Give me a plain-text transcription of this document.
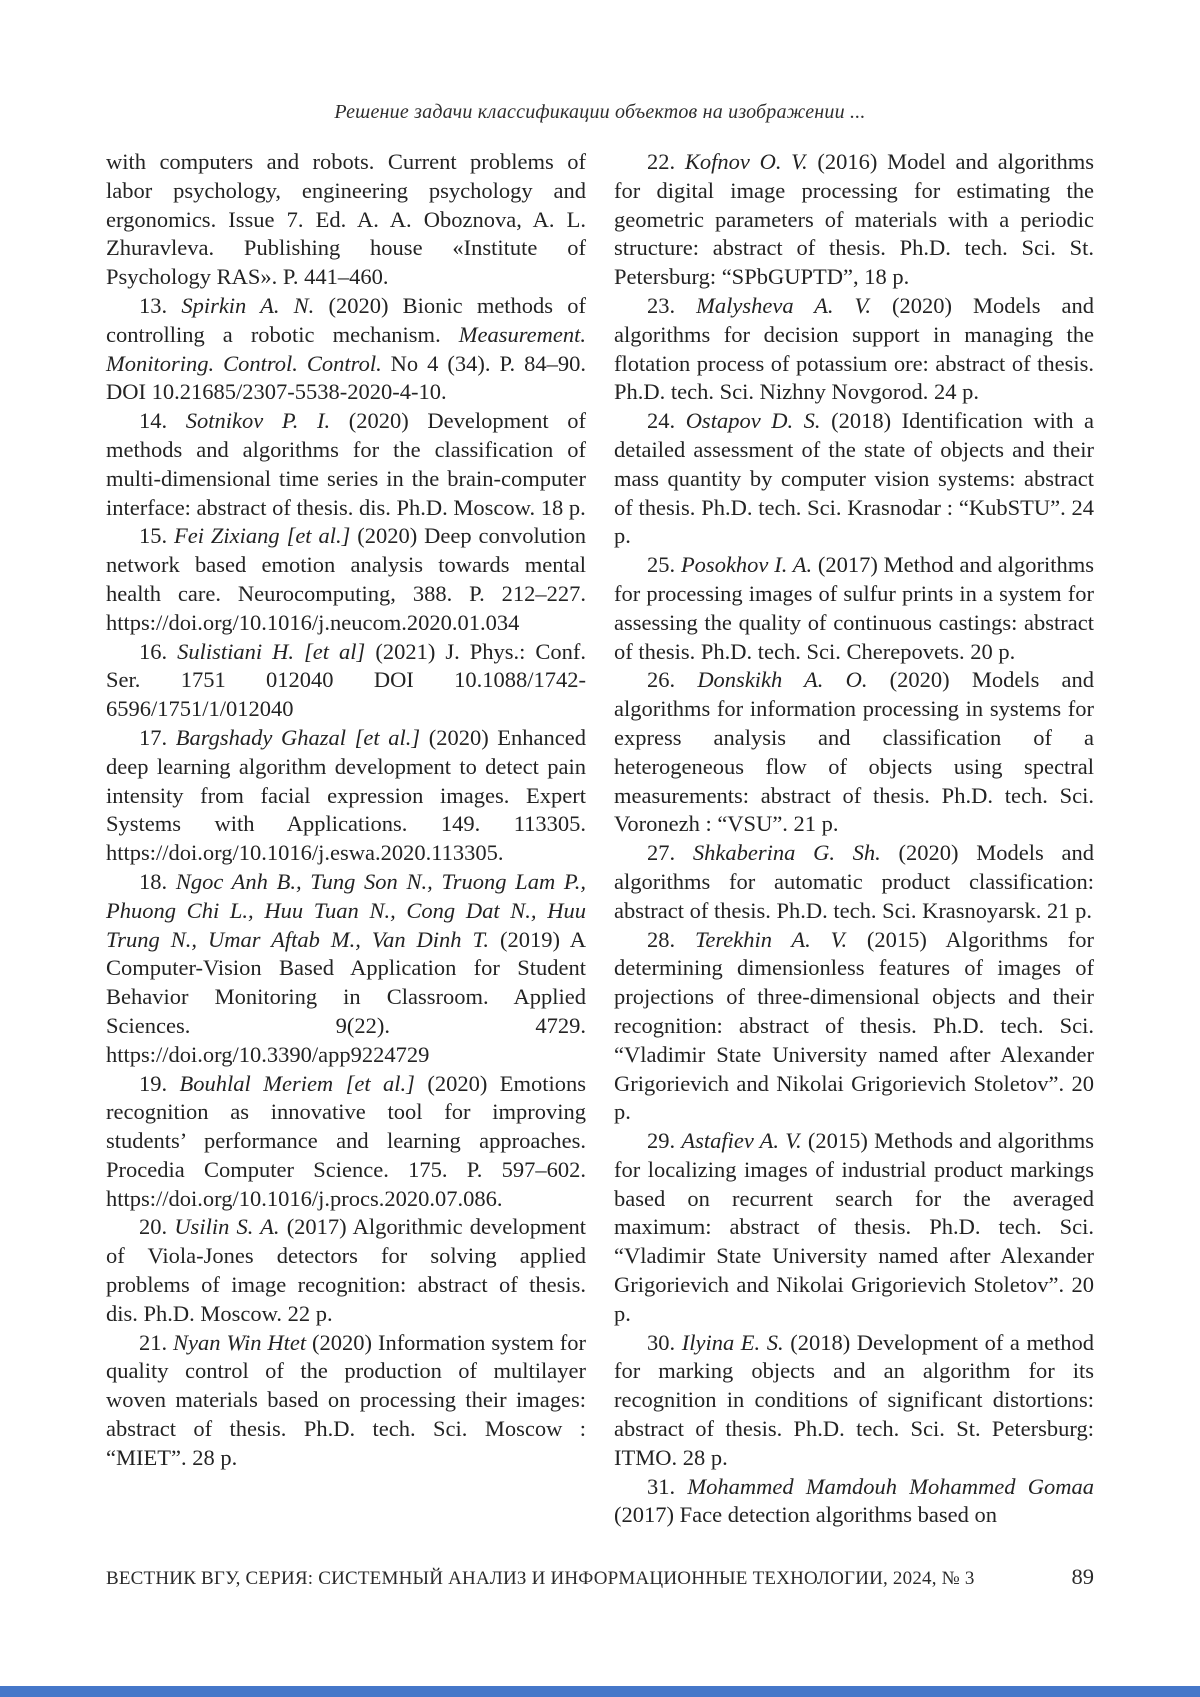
Решение задачи классификации объектов на изображении ...

with computers and robots. Current problems of labor psychology, engineering psychology and ergonomics. Issue 7. Ed. A. A. Oboznova, A. L. Zhuravleva. Publishing house «Institute of Psychology RAS». P. 441–460.

13. Spirkin A. N. (2020) Bionic methods of controlling a robotic mechanism. Measurement. Monitoring. Control. Control. No 4 (34). P. 84–90. DOI 10.21685/2307-5538-2020-4-10.

14. Sotnikov P. I. (2020) Development of methods and algorithms for the classification of multi-dimensional time series in the brain-computer interface: abstract of thesis. dis. Ph.D. Moscow. 18 p.

15. Fei Zixiang [et al.] (2020) Deep convolution network based emotion analysis towards mental health care. Neurocomputing, 388. P. 212–227. https://doi.org/10.1016/j.neucom.2020.01.034

16. Sulistiani H. [et al] (2021) J. Phys.: Conf. Ser. 1751 012040 DOI 10.1088/1742-6596/1751/1/012040

17. Bargshady Ghazal [et al.] (2020) Enhanced deep learning algorithm development to detect pain intensity from facial expression images. Expert Systems with Applications. 149. 113305. https://doi.org/10.1016/j.eswa.2020.113305.

18. Ngoc Anh B., Tung Son N., Truong Lam P., Phuong Chi L., Huu Tuan N., Cong Dat N., Huu Trung N., Umar Aftab M., Van Dinh T. (2019) A Computer-Vision Based Application for Student Behavior Monitoring in Classroom. Applied Sciences. 9(22). 4729. https://doi.org/10.3390/app9224729

19. Bouhlal Meriem [et al.] (2020) Emotions recognition as innovative tool for improving students’ performance and learning approaches. Procedia Computer Science. 175. P. 597–602. https://doi.org/10.1016/j.procs.2020.07.086.

20. Usilin S. A. (2017) Algorithmic development of Viola-Jones detectors for solving applied problems of image recognition: abstract of thesis. dis. Ph.D. Moscow. 22 p.

21. Nyan Win Htet (2020) Information system for quality control of the production of multilayer woven materials based on processing their images: abstract of thesis. Ph.D. tech. Sci. Moscow : “MIET”. 28 p.

22. Kofnov O. V. (2016) Model and algorithms for digital image processing for estimating the geometric parameters of materials with a periodic structure: abstract of thesis. Ph.D. tech. Sci. St. Petersburg: “SPbGUPTD”, 18 p.

23. Malysheva A. V. (2020) Models and algorithms for decision support in managing the flotation process of potassium ore: abstract of thesis. Ph.D. tech. Sci. Nizhny Novgorod. 24 p.

24. Ostapov D. S. (2018) Identification with a detailed assessment of the state of objects and their mass quantity by computer vision systems: abstract of thesis. Ph.D. tech. Sci. Krasnodar : “KubSTU”. 24 p.

25. Posokhov I. A. (2017) Method and algorithms for processing images of sulfur prints in a system for assessing the quality of continuous castings: abstract of thesis. Ph.D. tech. Sci. Cherepovets. 20 p.

26. Donskikh A. O. (2020) Models and algorithms for information processing in systems for express analysis and classification of a heterogeneous flow of objects using spectral measurements: abstract of thesis. Ph.D. tech. Sci. Voronezh : “VSU”. 21 p.

27. Shkaberina G. Sh. (2020) Models and algorithms for automatic product classification: abstract of thesis. Ph.D. tech. Sci. Krasnoyarsk. 21 p.

28. Terekhin A. V. (2015) Algorithms for determining dimensionless features of images of projections of three-dimensional objects and their recognition: abstract of thesis. Ph.D. tech. Sci. “Vladimir State University named after Alexander Grigorievich and Nikolai Grigorievich Stoletov”. 20 p.

29. Astafiev A. V. (2015) Methods and algorithms for localizing images of industrial product markings based on recurrent search for the averaged maximum: abstract of thesis. Ph.D. tech. Sci. “Vladimir State University named after Alexander Grigorievich and Nikolai Grigorievich Stoletov”. 20 p.

30. Ilyina E. S. (2018) Development of a method for marking objects and an algorithm for its recognition in conditions of significant distortions: abstract of thesis. Ph.D. tech. Sci. St. Petersburg: ITMO. 28 p.

31. Mohammed Mamdouh Mohammed Gomaa (2017) Face detection algorithms based on

ВЕСТНИК ВГУ, СЕРИЯ: СИСТЕМНЫЙ АНАЛИЗ И ИНФОРМАЦИОННЫЕ ТЕХНОЛОГИИ, 2024, № 3	89
